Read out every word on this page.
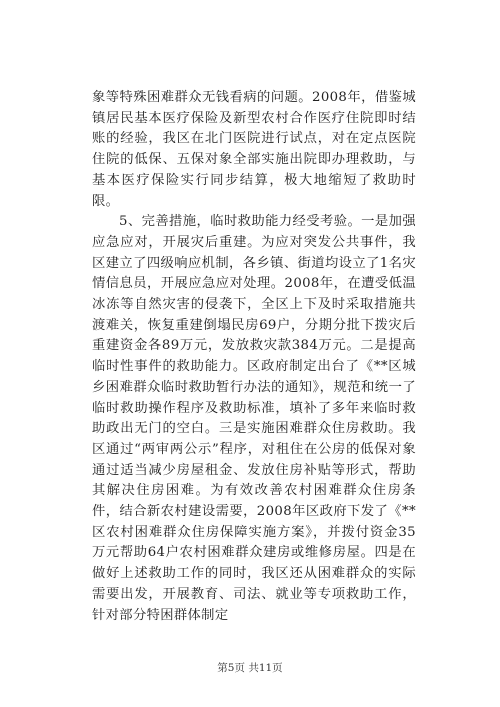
象等特殊困难群众无钱看病的问题。2008年，借鉴城镇居民基本医疗保险及新型农村合作医疗住院即时结账的经验，我区在北门医院进行试点，对在定点医院住院的低保、五保对象全部实施出院即办理救助，与基本医疗保险实行同步结算，极大地缩短了救助时限。

5、完善措施，临时救助能力经受考验。一是加强应急应对，开展灾后重建。为应对突发公共事件，我区建立了四级响应机制，各乡镇、街道均设立了1名灾情信息员，开展应急应对处理。2008年，在遭受低温冰冻等自然灾害的侵袭下，全区上下及时采取措施共渡难关，恢复重建倒塌民房69户，分期分批下拨灾后重建资金各89万元，发放救灾款384万元。二是提高临时性事件的救助能力。区政府制定出台了《**区城乡困难群众临时救助暂行办法的通知》，规范和统一了临时救助操作程序及救助标准，填补了多年来临时救助政出无门的空白。三是实施困难群众住房救助。我区通过“两审两公示”程序，对租住在公房的低保对象通过适当减少房屋租金、发放住房补贴等形式，帮助其解决住房困难。为有效改善农村困难群众住房条件，结合新农村建设需要，2008年区政府下发了《**区农村困难群众住房保障实施方案》，并拨付资金35万元帮助64户农村困难群众建房或维修房屋。四是在做好上述救助工作的同时，我区还从困难群众的实际需要出发，开展教育、司法、就业等专项救助工作，针对部分特困群体制定

第5页 共11页
